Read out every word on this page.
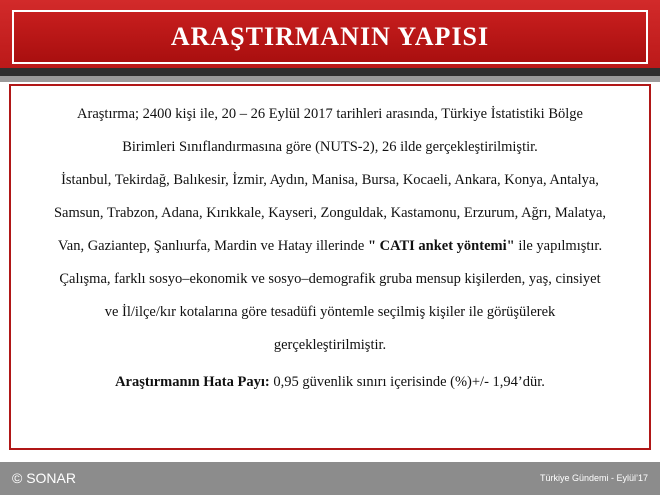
ARAŞTIRMANIN YAPISI

Araştırma; 2400 kişi ile, 20 – 26 Eylül 2017 tarihleri arasında, Türkiye İstatistiki Bölge
Birimleri Sınıflandırmasına göre (NUTS-2), 26 ilde gerçekleştirilmiştir.

İstanbul, Tekirdağ, Balıkesir, İzmir, Aydın, Manisa, Bursa, Kocaeli, Ankara, Konya, Antalya,
Samsun, Trabzon, Adana, Kırıkkale, Kayseri, Zonguldak, Kastamonu, Erzurum, Ağrı, Malatya,
Van, Gaziantep, Şanlıurfa, Mardin ve Hatay illerinde " CATI anket yöntemi" ile yapılmıştır.

Çalışma, farklı sosyo–ekonomik ve sosyo–demografik gruba mensup kişilerden, yaş, cinsiyet
ve İl/ilçe/kır kotalarına göre tesadüfi yöntemle seçilmiş kişiler ile görüşülerek
gerçekleştirilmiştir.

Araştırmanın Hata Payı: 0,95 güvenlik sınırı içerisinde (%)+/- 1,94’dür.

© SONAR	Türkiye Gündemi - Eylül’17
